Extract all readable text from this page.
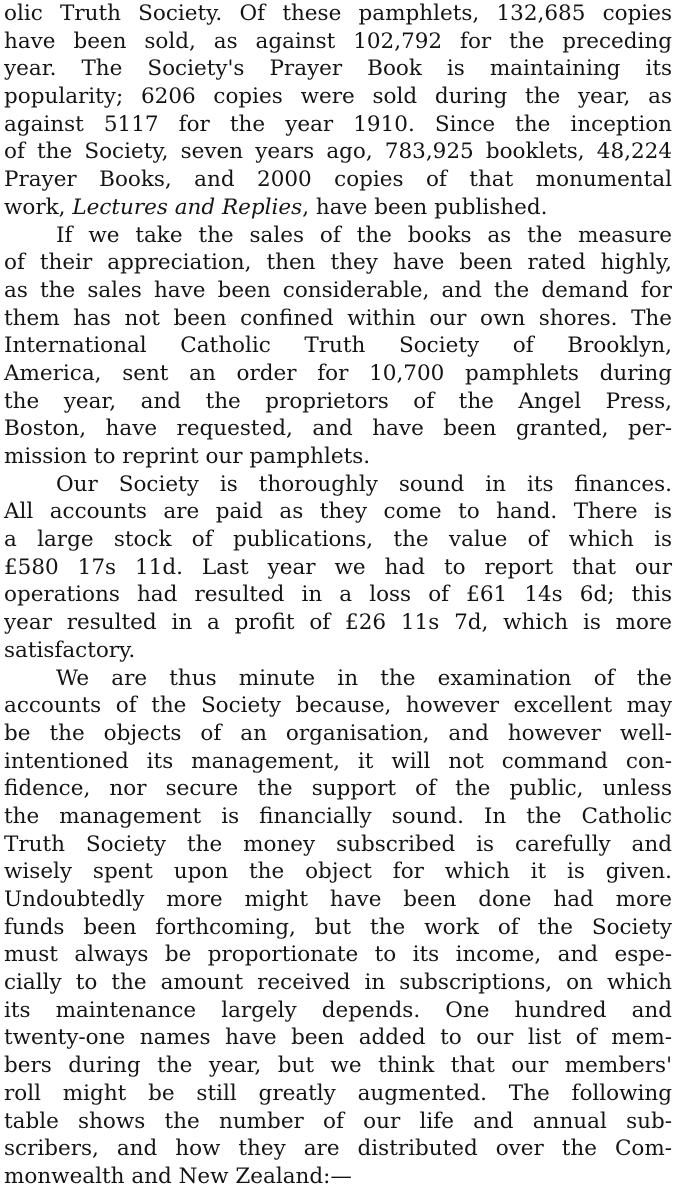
olic Truth Society. Of these pamphlets, 132,685 copies
have been sold, as against 102,792 for the preceding
year. The Society's Prayer Book is maintaining its
popularity; 6206 copies were sold during the year, as
against 5117 for the year 1910. Since the inception
of the Society, seven years ago, 783,925 booklets, 48,224
Prayer Books, and 2000 copies of that monumental
work, Lectures and Replies, have been published.
If we take the sales of the books as the measure
of their appreciation, then they have been rated highly,
as the sales have been considerable, and the demand for
them has not been confined within our own shores. The
International Catholic Truth Society of Brooklyn,
America, sent an order for 10,700 pamphlets during
the year, and the proprietors of the Angel Press,
Boston, have requested, and have been granted, per-
mission to reprint our pamphlets.
Our Society is thoroughly sound in its finances.
All accounts are paid as they come to hand. There is
a large stock of publications, the value of which is
£580 17s 11d. Last year we had to report that our
operations had resulted in a loss of £61 14s 6d; this
year resulted in a profit of £26 11s 7d, which is more
satisfactory.
We are thus minute in the examination of the
accounts of the Society because, however excellent may
be the objects of an organisation, and however well-
intentioned its management, it will not command con-
fidence, nor secure the support of the public, unless
the management is financially sound. In the Catholic
Truth Society the money subscribed is carefully and
wisely spent upon the object for which it is given.
Undoubtedly more might have been done had more
funds been forthcoming, but the work of the Society
must always be proportionate to its income, and espe-
cially to the amount received in subscriptions, on which
its maintenance largely depends. One hundred and
twenty-one names have been added to our list of mem-
bers during the year, but we think that our members'
roll might be still greatly augmented. The following
table shows the number of our life and annual sub-
scribers, and how they are distributed over the Com-
monwealth and New Zealand:—
